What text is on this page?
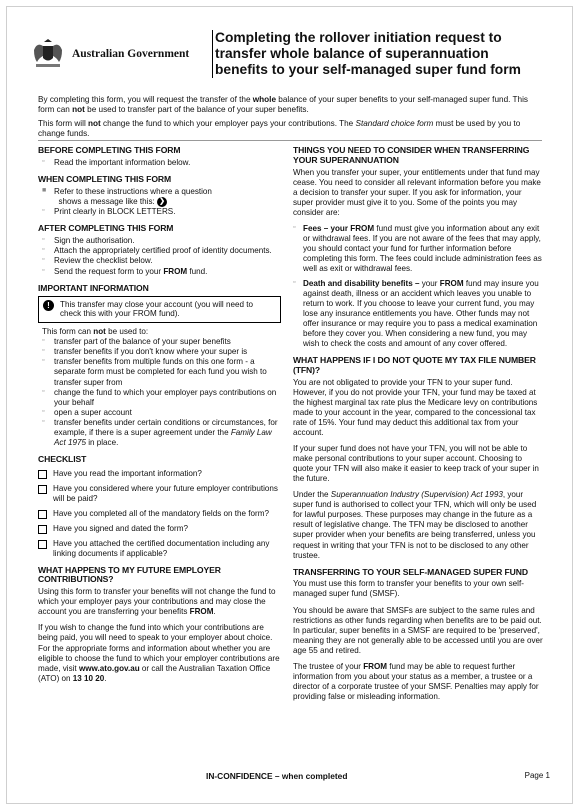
Australian Government
Completing the rollover initiation request to transfer whole balance of superannuation benefits to your self-managed super fund form

By completing this form, you will request the transfer of the whole balance of your super benefits to your self-managed super fund. This form can not be used to transfer part of the balance of your super benefits.

This form will not change the fund to which your employer pays your contributions. The Standard choice form must be used by you to change funds.

BEFORE COMPLETING THIS FORM
▫	Read the important information below.
WHEN COMPLETING THIS FORM
■ Refer to these instructions where a question
shows a message like this: ❯
▫	Print clearly in BLOCK LETTERS.
AFTER COMPLETING THIS FORM
▫	Sign the authorisation.
▫	Attach the appropriately certified proof of identity documents.
▫	Review the checklist below.
▫	Send the request form to your FROM fund.
IMPORTANT INFORMATION
!	This transfer may close your account (you will need to check this with your FROM fund).
This form can not be used to:
▫	transfer part of the balance of your super benefits
▫	transfer benefits if you don't know where your super is
▫	transfer benefits from multiple funds on this one form - a separate form must be completed for each fund you wish to transfer super from
▫	change the fund to which your employer pays contributions on your behalf
▫	open a super account
▫	transfer benefits under certain conditions or circumstances, for example, if there is a super agreement under the Family Law Act 1975 in place.
CHECKLIST
Have you read the important information?
Have you considered where your future employer contributions will be paid?
Have you completed all of the mandatory fields on the form?
Have you signed and dated the form?
Have you attached the certified documentation including any linking documents if applicable?
WHAT HAPPENS TO MY FUTURE EMPLOYER CONTRIBUTIONS?

Using this form to transfer your benefits will not change the fund to which your employer pays your contributions and may close the account you are transferring your benefits FROM.

If you wish to change the fund into which your contributions are being paid, you will need to speak to your employer about choice. For the appropriate forms and information about whether you are eligible to choose the fund to which your employer contributions are made, visit www.ato.gov.au or call the Australian Taxation Office (ATO) on 13 10 20.

THINGS YOU NEED TO CONSIDER WHEN TRANSFERRING YOUR SUPERANNUATION

When you transfer your super, your entitlements under that fund may cease. You need to consider all relevant information before you make a decision to transfer your super. If you ask for information, your super provider must give it to you. Some of the points you may consider are:

▫ Fees – your FROM fund must give you information about any exit or withdrawal fees. If you are not aware of the fees that may apply, you should contact your fund for further information before completing this form. The fees could include administration fees as well as exit or withdrawal fees.
▫ Death and disability benefits – your FROM fund may insure you against death, illness or an accident which leaves you unable to return to work. If you choose to leave your current fund, you may lose any insurance entitlements you have. Other funds may not offer insurance or may require you to pass a medical examination before they cover you. When considering a new fund, you may wish to check the costs and amount of any cover offered.
WHAT HAPPENS IF I DO NOT QUOTE MY TAX FILE NUMBER (TFN)?

You are not obligated to provide your TFN to your super fund. However, if you do not provide your TFN, your fund may be taxed at the highest marginal tax rate plus the Medicare levy on contributions made to your account in the year, compared to the concessional tax rate of 15%. Your fund may deduct this additional tax from your account.

If your super fund does not have your TFN, you will not be able to make personal contributions to your super account. Choosing to quote your TFN will also make it easier to keep track of your super in the future.

Under the Superannuation Industry (Supervision) Act 1993, your super fund is authorised to collect your TFN, which will only be used for lawful purposes. These purposes may change in the future as a result of legislative change. The TFN may be disclosed to another super provider when your benefits are being transferred, unless you request in writing that your TFN is not to be disclosed to any other trustee.

TRANSFERRING TO YOUR SELF-MANAGED SUPER FUND

You must use this form to transfer your benefits to your own self- managed super fund (SMSF).

You should be aware that SMSFs are subject to the same rules and restrictions as other funds regarding when benefits are to be paid out. In particular, super benefits in a SMSF are required to be 'preserved', meaning they are not generally able to be accessed until you are over age 55 and retired.

The trustee of your FROM fund may be able to request further information from you about your status as a member, a trustee or a director of a corporate trustee of your SMSF. Penalties may apply for providing false or misleading information.

IN-CONFIDENCE – when completed	Page 1
